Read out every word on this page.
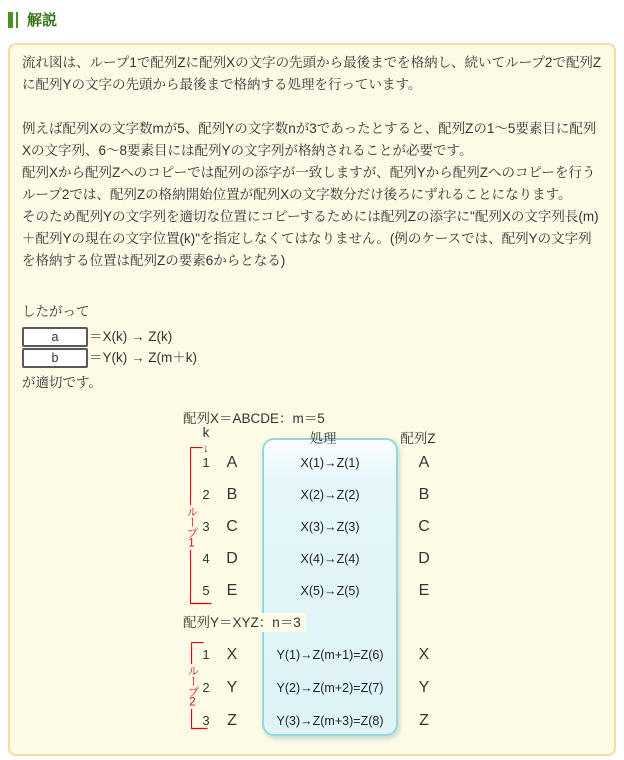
解説

流れ図は、ループ1で配列Zに配列Xの文字の先頭から最後までを格納し、続いてループ2で配列Zに配列Yの文字の先頭から最後まで格納する処理を行っています。

例えば配列Xの文字数mが5、配列Yの文字数nが3であったとすると、配列Zの1〜5要素目に配列Xの文字列、6〜8要素目には配列Yの文字列が格納されることが必要です。
配列Xから配列Zへのコピーでは配列の添字が一致しますが、配列Yから配列Zへのコピーを行うループ2では、配列Zの格納開始位置が配列Xの文字数分だけ後ろにずれることになります。
そのため配列Yの文字列を適切な位置にコピーするためには配列Zの添字に"配列Xの文字列長(m)＋配列Yの現在の文字位置(k)"を指定しなくてはなりません。(例のケースでは、配列Yの文字列を格納する位置は配列Zの要素6からとなる)

したがって

a	＝X(k) → Z(k)
b	＝Y(k) → Z(m＋k)

が適切です。

配列X＝ABCDE：m＝5
k
↓
処理	配列Z
ループ1
1 A	X(1)→Z(1)	A
2 B	X(2)→Z(2)	B
3 C	X(3)→Z(3)	C
4 D	X(4)→Z(4)	D
5 E	X(5)→Z(5)	E
配列Y＝XYZ：n＝3
ループ2
1 X	Y(1)→Z(m+1)=Z(6) X
2 Y	Y(2)→Z(m+2)=Z(7) Y
3 Z	Y(3)→Z(m+3)=Z(8) Z
